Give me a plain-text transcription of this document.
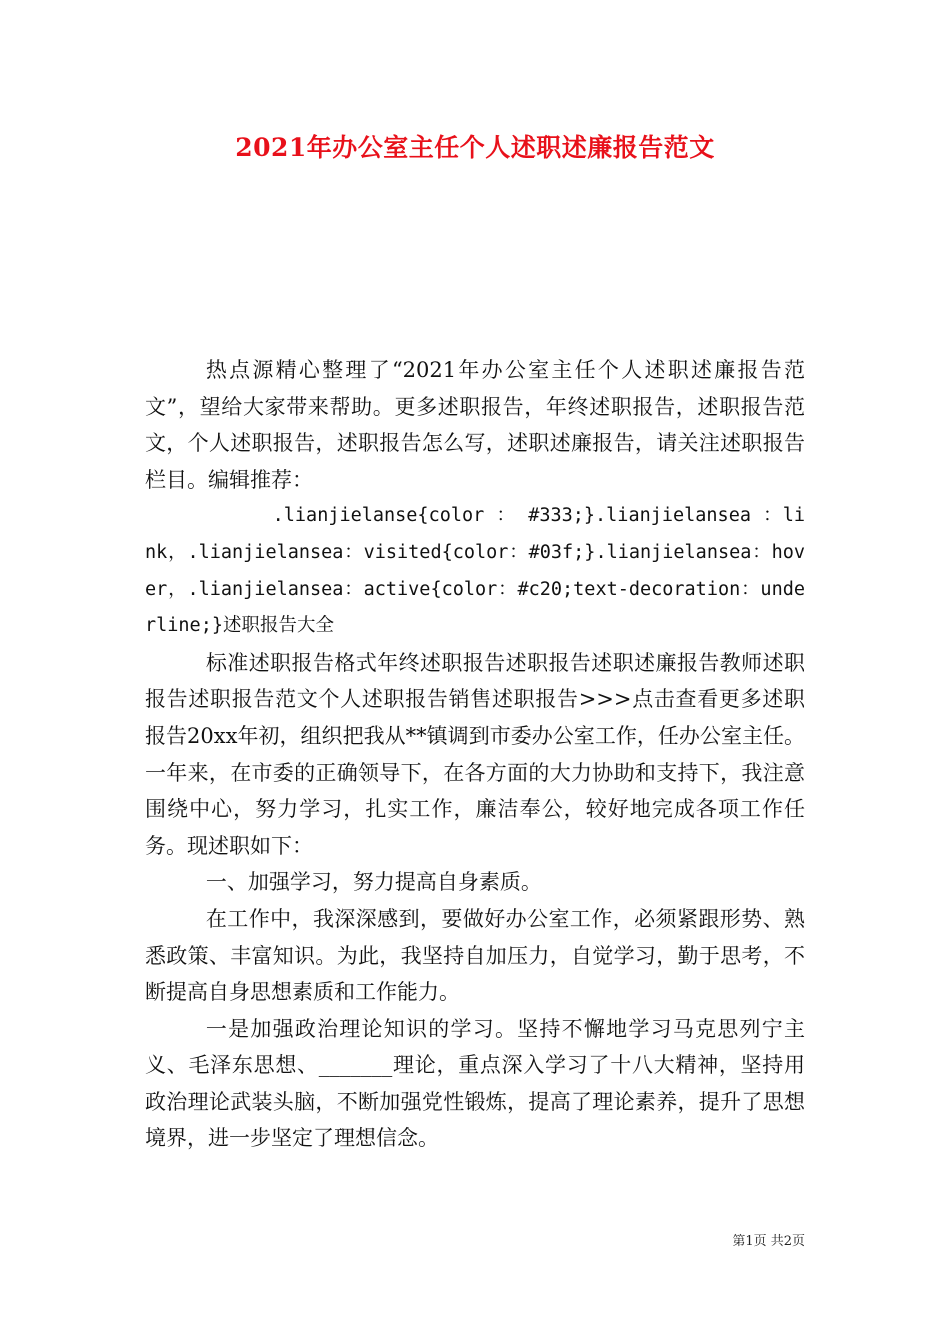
2021年办公室主任个人述职述廉报告范文

热点源精心整理了“2021年办公室主任个人述职述廉报告范文”，望给大家带来帮助。更多述职报告，年终述职报告，述职报告范文，个人述职报告，述职报告怎么写，述职述廉报告，请关注述职报告栏目。编辑推荐：

.lianjielanse{color ： #333;}.lianjielansea ：link，.lianjielansea：visited{color：#03f;}.lianjielansea：hover，.lianjielansea：active{color：#c20;text-decoration：underline;}述职报告大全

标准述职报告格式年终述职报告述职报告述职述廉报告教师述职报告述职报告范文个人述职报告销售述职报告>>>点击查看更多述职报告20xx年初，组织把我从**镇调到市委办公室工作，任办公室主任。一年来，在市委的正确领导下，在各方面的大力协助和支持下，我注意围绕中心，努力学习，扎实工作，廉洁奉公，较好地完成各项工作任务。现述职如下：

一、加强学习，努力提高自身素质。

在工作中，我深深感到，要做好办公室工作，必须紧跟形势、熟悉政策、丰富知识。为此，我坚持自加压力，自觉学习，勤于思考，不断提高自身思想素质和工作能力。

一是加强政治理论知识的学习。坚持不懈地学习马克思列宁主义、毛泽东思想、_______理论，重点深入学习了十八大精神，坚持用政治理论武装头脑，不断加强党性锻炼，提高了理论素养，提升了思想境界，进一步坚定了理想信念。

第1页 共2页
